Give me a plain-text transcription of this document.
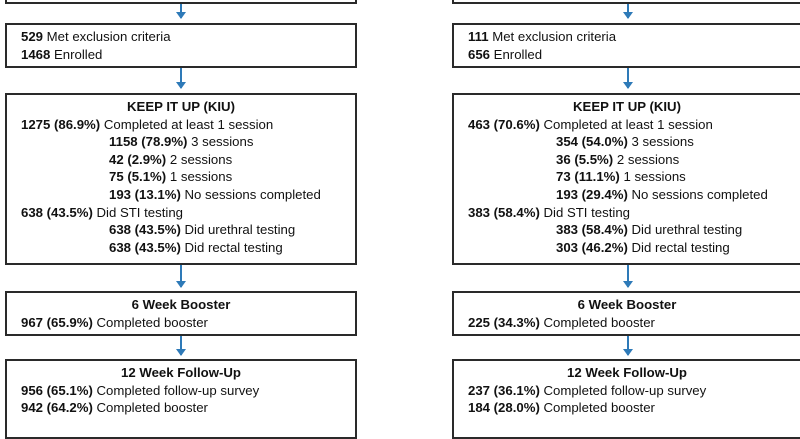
529 Met exclusion criteria
1468 Enrolled
KEEP IT UP (KIU)
1275 (86.9%) Completed at least 1 session
1158 (78.9%) 3 sessions
42 (2.9%) 2 sessions
75 (5.1%) 1 sessions
193 (13.1%) No sessions completed
638 (43.5%) Did STI testing
638 (43.5%) Did urethral testing
638 (43.5%) Did rectal testing
6 Week Booster
967 (65.9%) Completed booster
12 Week Follow-Up
956 (65.1%) Completed follow-up survey
942 (64.2%) Completed booster
111 Met exclusion criteria
656 Enrolled
KEEP IT UP (KIU)
463 (70.6%) Completed at least 1 session
354 (54.0%) 3 sessions
36 (5.5%) 2 sessions
73 (11.1%) 1 sessions
193 (29.4%) No sessions completed
383 (58.4%) Did STI testing
383 (58.4%) Did urethral testing
303 (46.2%) Did rectal testing
6 Week Booster
225 (34.3%) Completed booster
12 Week Follow-Up
237 (36.1%) Completed follow-up survey
184 (28.0%) Completed booster
